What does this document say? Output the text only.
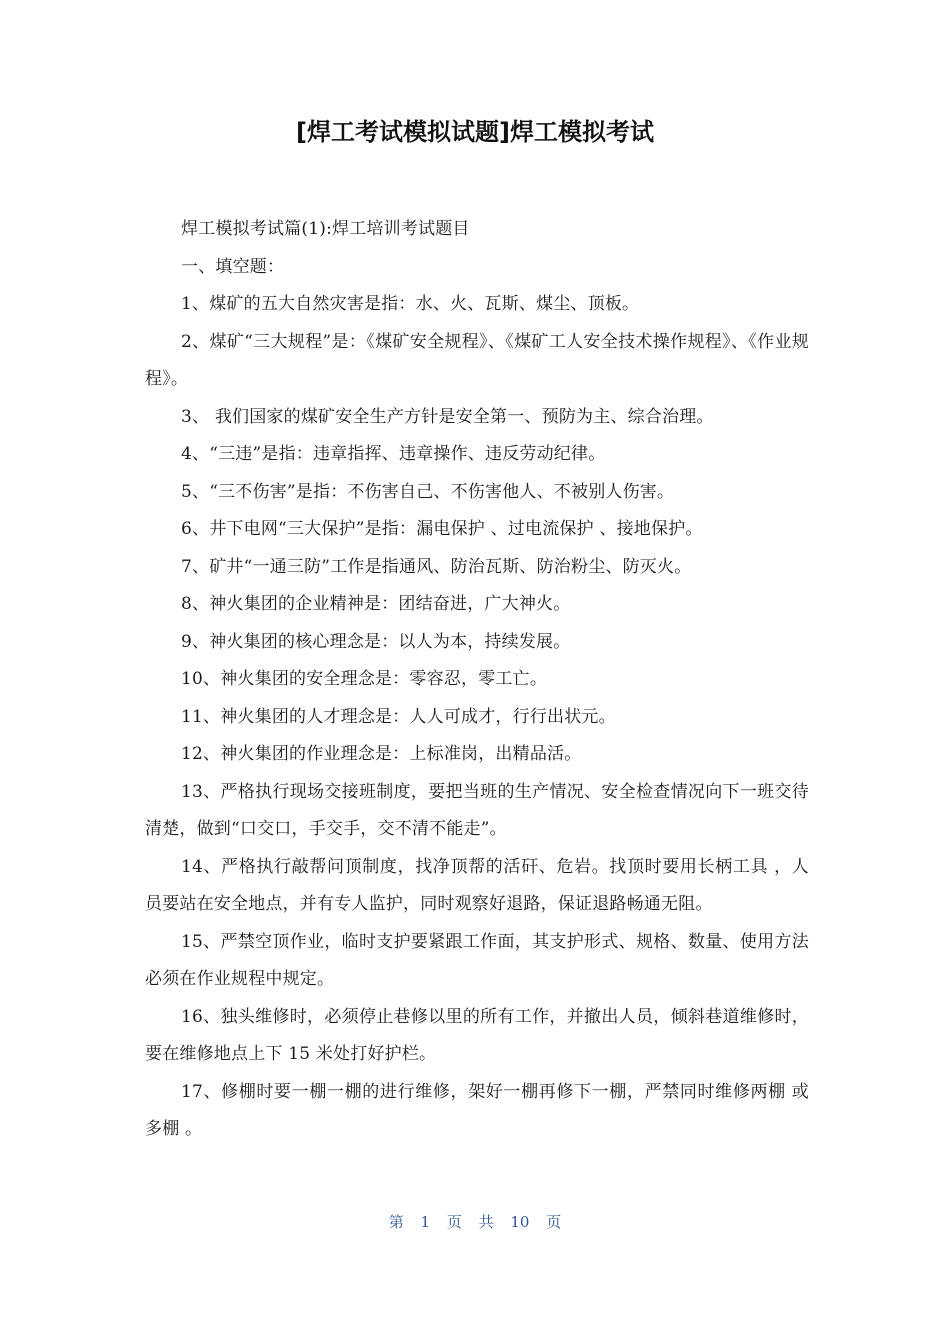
[焊工考试模拟试题]焊工模拟考试

焊工模拟考试篇(1):焊工培训考试题目

一、填空题：

1、煤矿的五大自然灾害是指：水、火、瓦斯、煤尘、顶板。

2、煤矿“三大规程”是：《煤矿安全规程》、《煤矿工人安全技术操作规程》、《作业规程》。

3、 我们国家的煤矿安全生产方针是安全第一、预防为主、综合治理。

4、“三违”是指：违章指挥、违章操作、违反劳动纪律。

5、“三不伤害”是指：不伤害自己、不伤害他人、不被别人伤害。

6、井下电网“三大保护”是指：漏电保护 、过电流保护 、接地保护。

7、矿井“一通三防”工作是指通风、防治瓦斯、防治粉尘、防灭火。

8、神火集团的企业精神是：团结奋进，广大神火。

9、神火集团的核心理念是：以人为本，持续发展。

10、神火集团的安全理念是：零容忍，零工亡。

11、神火集团的人才理念是：人人可成才，行行出状元。

12、神火集团的作业理念是：上标准岗，出精品活。

13、严格执行现场交接班制度，要把当班的生产情况、安全检查情况向下一班交待清楚，做到“口交口，手交手，交不清不能走”。

14、严格执行敲帮问顶制度，找净顶帮的活矸、危岩。找顶时要用长柄工具 ，人员要站在安全地点，并有专人监护，同时观察好退路，保证退路畅通无阻。

15、严禁空顶作业，临时支护要紧跟工作面，其支护形式、规格、数量、使用方法必须在作业规程中规定。

16、独头维修时，必须停止巷修以里的所有工作，并撤出人员，倾斜巷道维修时，要在维修地点上下 15 米处打好护栏。

17、修棚时要一棚一棚的进行维修，架好一棚再修下一棚，严禁同时维修两棚 或 多棚 。

第 1 页 共 10 页
